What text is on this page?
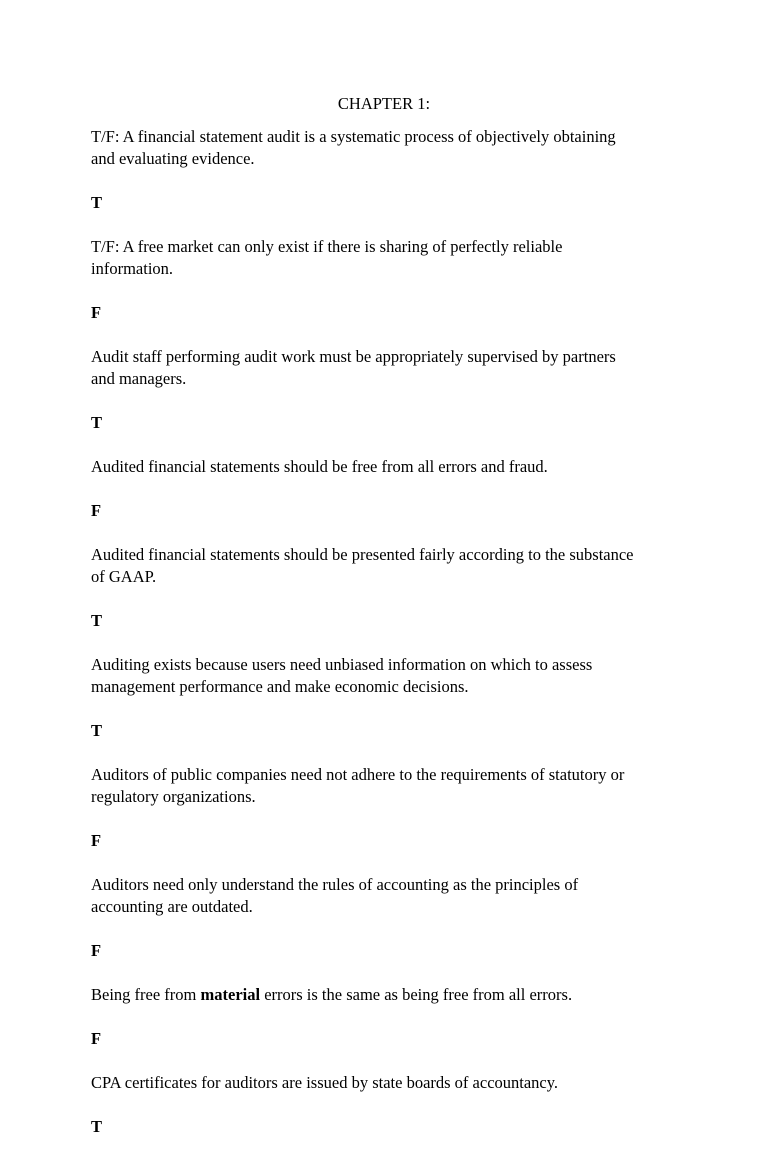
CHAPTER 1:

T/F: A financial statement audit is a systematic process of objectively obtaining
and evaluating evidence.

T

T/F: A free market can only exist if there is sharing of perfectly reliable
information.

F

Audit staff performing audit work must be appropriately supervised by partners
and managers.

T

Audited financial statements should be free from all errors and fraud.

F

Audited financial statements should be presented fairly according to the substance
of GAAP.

T

Auditing exists because users need unbiased information on which to assess
management performance and make economic decisions.

T

Auditors of public companies need not adhere to the requirements of statutory or
regulatory organizations.

F

Auditors need only understand the rules of accounting as the principles of
accounting are outdated.

F

Being free from material errors is the same as being free from all errors.

F

CPA certificates for auditors are issued by state boards of accountancy.

T
